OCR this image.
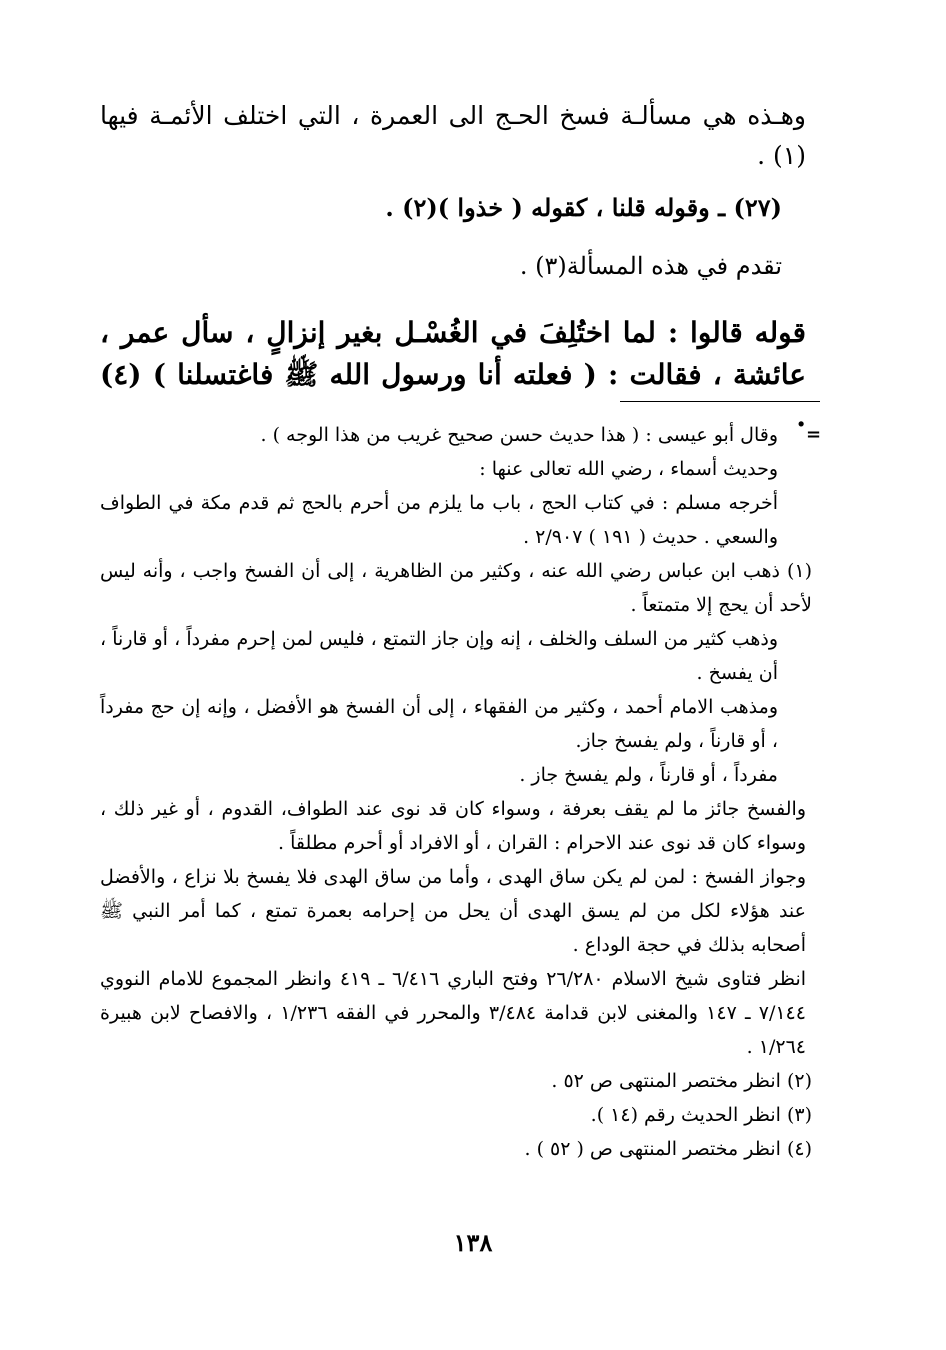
وهـذه هي مسألـة فسخ الحـج الى العمرة ، التي اختلف الأئمـة فيها (١) .

(٢٧) ـ وقوله قلنا ، كقوله ( خذوا )(٢) .

تقدم في هذه المسألة(٣) .

قوله قالوا : لما اختُلِفَ في الغُسْـل بغير إنزالٍ ، سأل عمر ، عائشة ، فقالت : ( فعلته أنا ورسول الله ﷺ فاغتسلنا ) (٤) .

=

وقال أبو عيسى : ( هذا حديث حسن صحيح غريب من هذا الوجه ) .

وحديث أسماء ، رضي الله تعالى عنها :

أخرجه مسلم : في كتاب الحج ، باب ما يلزم من أحرم بالحج ثم قدم مكة في الطواف والسعي . حديث ( ١٩١ ) ٢/٩٠٧ .

(١) ذهب ابن عباس رضي الله عنه ، وكثير من الظاهرية ، إلى أن الفسخ واجب ، وأنه ليس لأحد أن يحج إلا متمتعاً .

وذهب كثير من السلف والخلف ، إنه وإن جاز التمتع ، فليس لمن إحرم مفرداً ، أو قارناً ، أن يفسخ .

ومذهب الامام أحمد ، وكثير من الفقهاء ، إلى أن الفسخ هو الأفضل ، وإنه إن حج مفرداً ، أو قارناً ، ولم يفسخ جاز.

مفرداً ، أو قارناً ، ولم يفسخ جاز .

والفسخ جائز ما لم يقف بعرفة ، وسواء كان قد نوى عند الطواف، القدوم ، أو غير ذلك ، وسواء كان قد نوى عند الاحرام : القران ، أو الافراد أو أحرم مطلقاً .

وجواز الفسخ : لمن لم يكن ساق الهدى ، وأما من ساق الهدى فلا يفسخ بلا نزاع ، والأفضل عند هؤلاء لكل من لم يسق الهدى أن يحل من إحرامه بعمرة تمتع ، كما أمر النبي ﷺ أصحابه بذلك في حجة الوداع .

انظر فتاوى شيخ الاسلام ٢٦/٢٨٠ وفتح الباري ٦/٤١٦ ـ ٤١٩ وانظر المجموع للامام النووي ٧/١٤٤ ـ ١٤٧ والمغنى لابن قدامة ٣/٤٨٤ والمحرر في الفقه ١/٢٣٦ ، والافصاح لابن هبيرة ١/٢٦٤ .

(٢) انظر مختصر المنتهى ص ٥٢ .

(٣) انظر الحديث رقم (١٤ ).

(٤) انظر مختصر المنتهى ص ( ٥٢ ) .

١٣٨
